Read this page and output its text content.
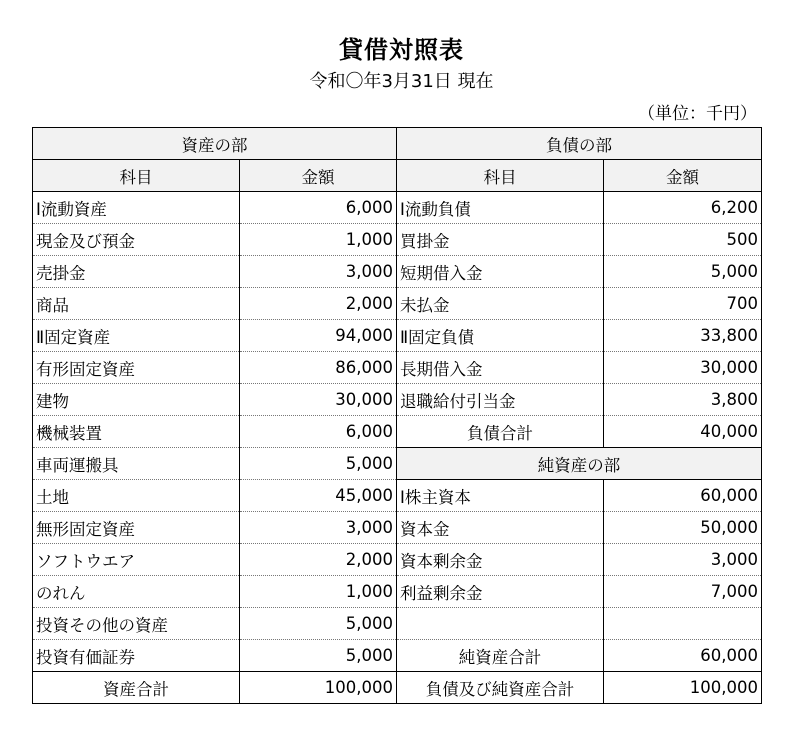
貸借対照表
令和〇年3月31日 現在
（単位：千円）
資産の部		負債の部	
科目	金額	科目	金額
Ⅰ流動資産	6,000	Ⅰ流動負債	6,200
現金及び預金	1,000	買掛金	500
売掛金	3,000	短期借入金	5,000
商品	2,000	未払金	700
Ⅱ固定資産	94,000	Ⅱ固定負債	33,800
有形固定資産	86,000	長期借入金	30,000
建物	30,000	退職給付引当金	3,800
機械装置	6,000	負債合計	40,000
車両運搬具	5,000	純資産の部	
土地	45,000	Ⅰ株主資本	60,000
無形固定資産	3,000	資本金	50,000
ソフトウエア	2,000	資本剰余金	3,000
のれん	1,000	利益剰余金	7,000
投資その他の資産	5,000		
投資有価証券	5,000	純資産合計	60,000
資産合計	100,000	負債及び純資産合計	100,000
